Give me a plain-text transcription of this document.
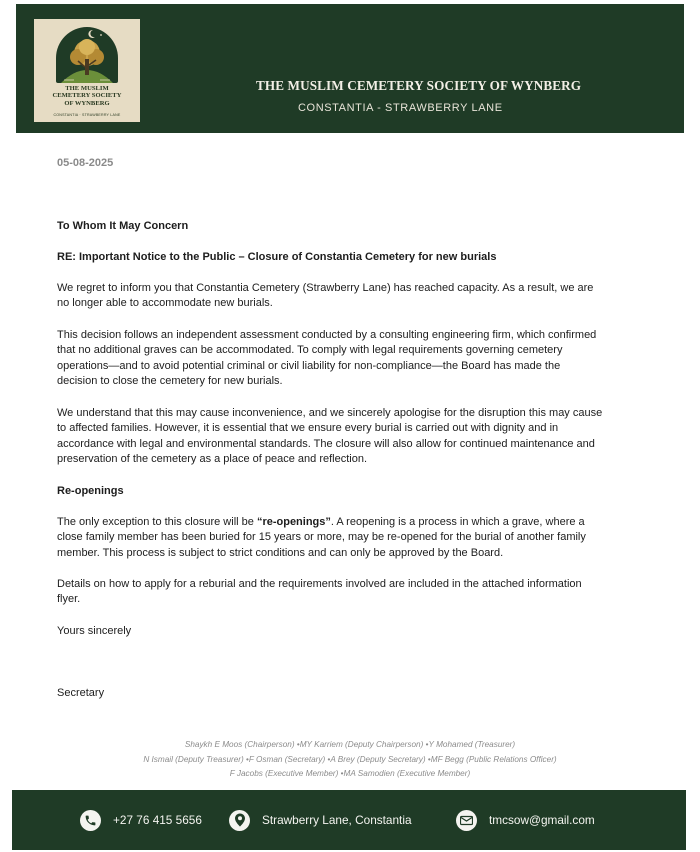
THE MUSLIM
CEMETERY SOCIETY
OF WYNBERG
CONSTANTIA · STRAWBERRY LANE
THE MUSLIM CEMETERY SOCIETY OF WYNBERG
CONSTANTIA - STRAWBERRY LANE
05-08-2025
To Whom It May Concern
RE: Important Notice to the Public – Closure of Constantia Cemetery for new burials

We regret to inform you that Constantia Cemetery (Strawberry Lane) has reached capacity. As a result, we are

no longer able to accommodate new burials.

This decision follows an independent assessment conducted by a consulting engineering firm, which confirmed

that no additional graves can be accommodated. To comply with legal requirements governing cemetery

operations—and to avoid potential criminal or civil liability for non-compliance—the Board has made the

decision to close the cemetery for new burials.

We understand that this may cause inconvenience, and we sincerely apologise for the disruption this may cause

to affected families. However, it is essential that we ensure every burial is carried out with dignity and in

accordance with legal and environmental standards. The closure will also allow for continued maintenance and

preservation of the cemetery as a place of peace and reflection.

Re-openings

The only exception to this closure will be “re-openings”. A reopening is a process in which a grave, where a

close family member has been buried for 15 years or more, may be re-opened for the burial of another family

member. This process is subject to strict conditions and can only be approved by the Board.

Details on how to apply for a reburial and the requirements involved are included in the attached information

flyer.

Yours sincerely
Secretary
Shaykh E Moos (Chairperson) •MY Karriem (Deputy Chairperson) •Y Mohamed (Treasurer)
N Ismail (Deputy Treasurer) •F Osman (Secretary) •A Brey (Deputy Secretary) •MF Begg (Public Relations Officer)
F Jacobs (Executive Member) •MA Samodien (Executive Member)
+27 76 415 5656	Strawberry Lane, Constantia	tmcsow@gmail.com
